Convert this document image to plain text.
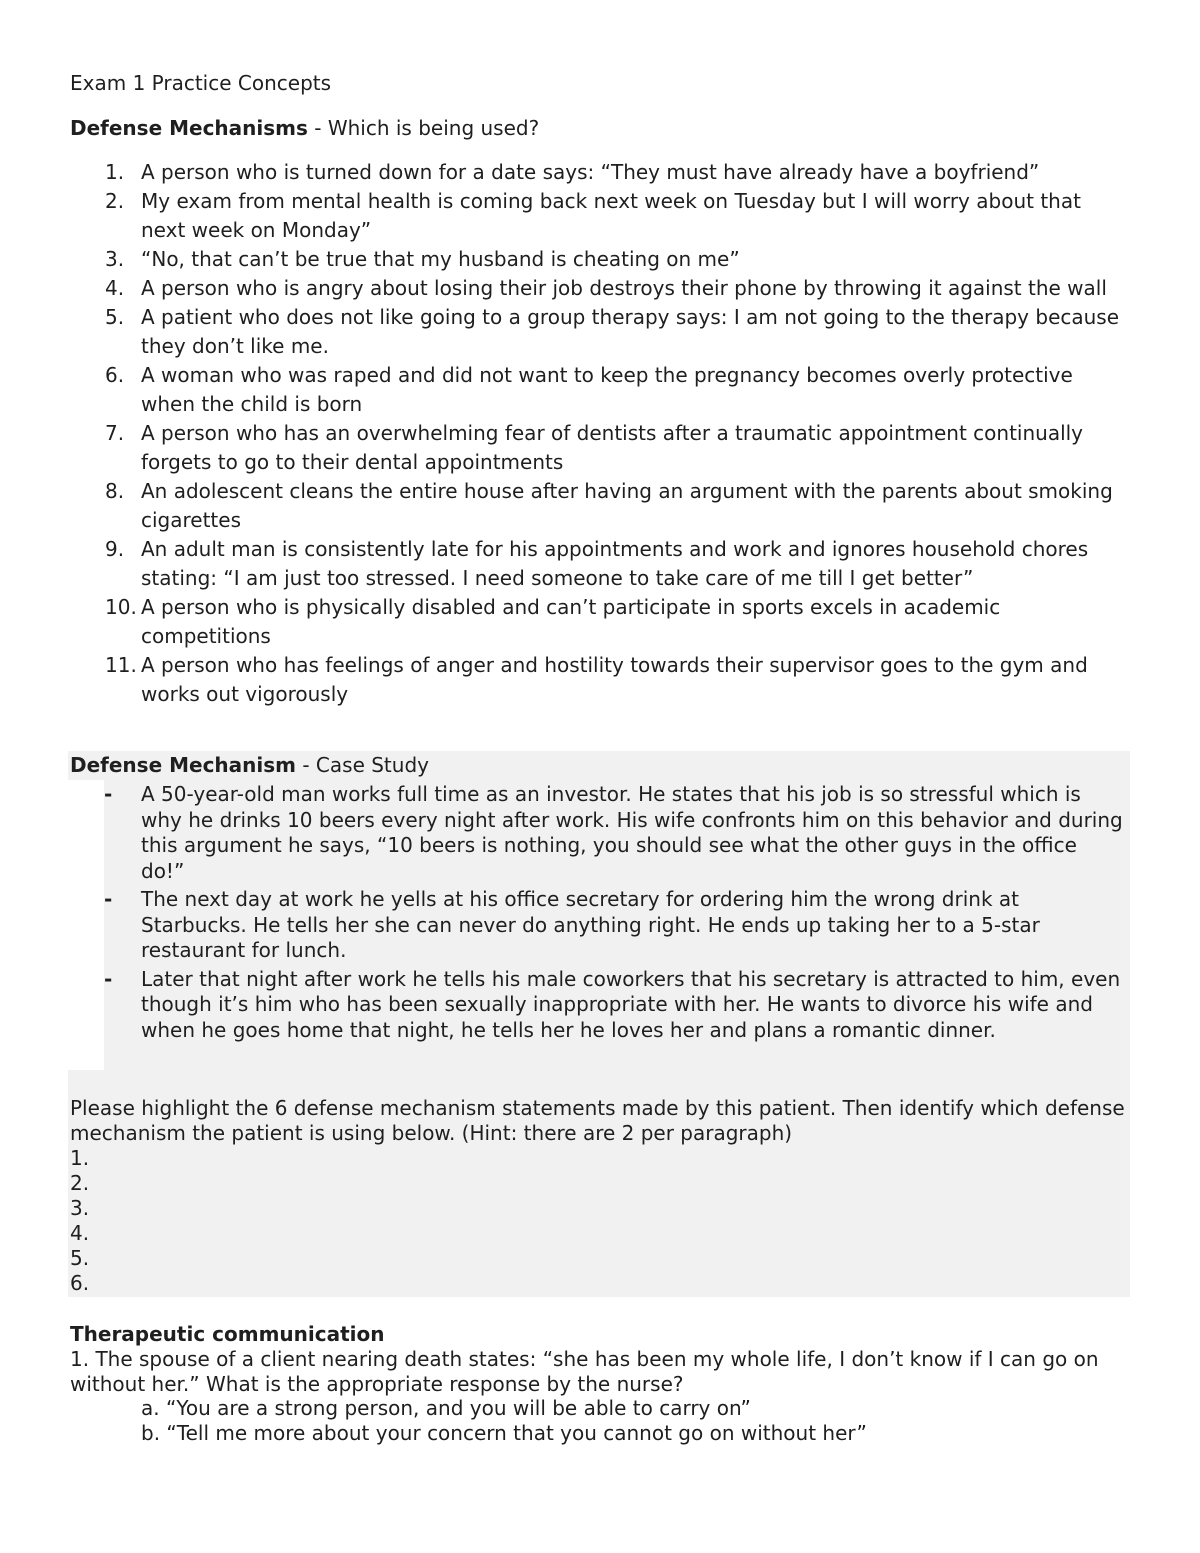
Exam 1 Practice Concepts
Defense Mechanisms - Which is being used?
1. A person who is turned down for a date says: “They must have already have a boyfriend”
2. My exam from mental health is coming back next week on Tuesday but I will worry about that next week on Monday”
3. “No, that can’t be true that my husband is cheating on me”
4. A person who is angry about losing their job destroys their phone by throwing it against the wall
5. A patient who does not like going to a group therapy says: I am not going to the therapy because they don’t like me.
6. A woman who was raped and did not want to keep the pregnancy becomes overly protective when the child is born
7. A person who has an overwhelming fear of dentists after a traumatic appointment continually forgets to go to their dental appointments
8. An adolescent cleans the entire house after having an argument with the parents about smoking cigarettes
9. An adult man is consistently late for his appointments and work and ignores household chores stating: “I am just too stressed. I need someone to take care of me till I get better”
10. A person who is physically disabled and can’t participate in sports excels in academic competitions
11. A person who has feelings of anger and hostility towards their supervisor goes to the gym and works out vigorously
Defense Mechanism - Case Study
- A 50-year-old man works full time as an investor. He states that his job is so stressful which is why he drinks 10 beers every night after work. His wife confronts him on this behavior and during this argument he says, “10 beers is nothing, you should see what the other guys in the office do!”
- The next day at work he yells at his office secretary for ordering him the wrong drink at Starbucks. He tells her she can never do anything right. He ends up taking her to a 5-star restaurant for lunch.
- Later that night after work he tells his male coworkers that his secretary is attracted to him, even though it’s him who has been sexually inappropriate with her. He wants to divorce his wife and when he goes home that night, he tells her he loves her and plans a romantic dinner.
Please highlight the 6 defense mechanism statements made by this patient. Then identify which defense mechanism the patient is using below. (Hint: there are 2 per paragraph)
1.
2.
3.
4.
5.
6.
Therapeutic communication
1. The spouse of a client nearing death states: “she has been my whole life, I don’t know if I can go on without her.” What is the appropriate response by the nurse?
a. “You are a strong person, and you will be able to carry on”
b. “Tell me more about your concern that you cannot go on without her”
